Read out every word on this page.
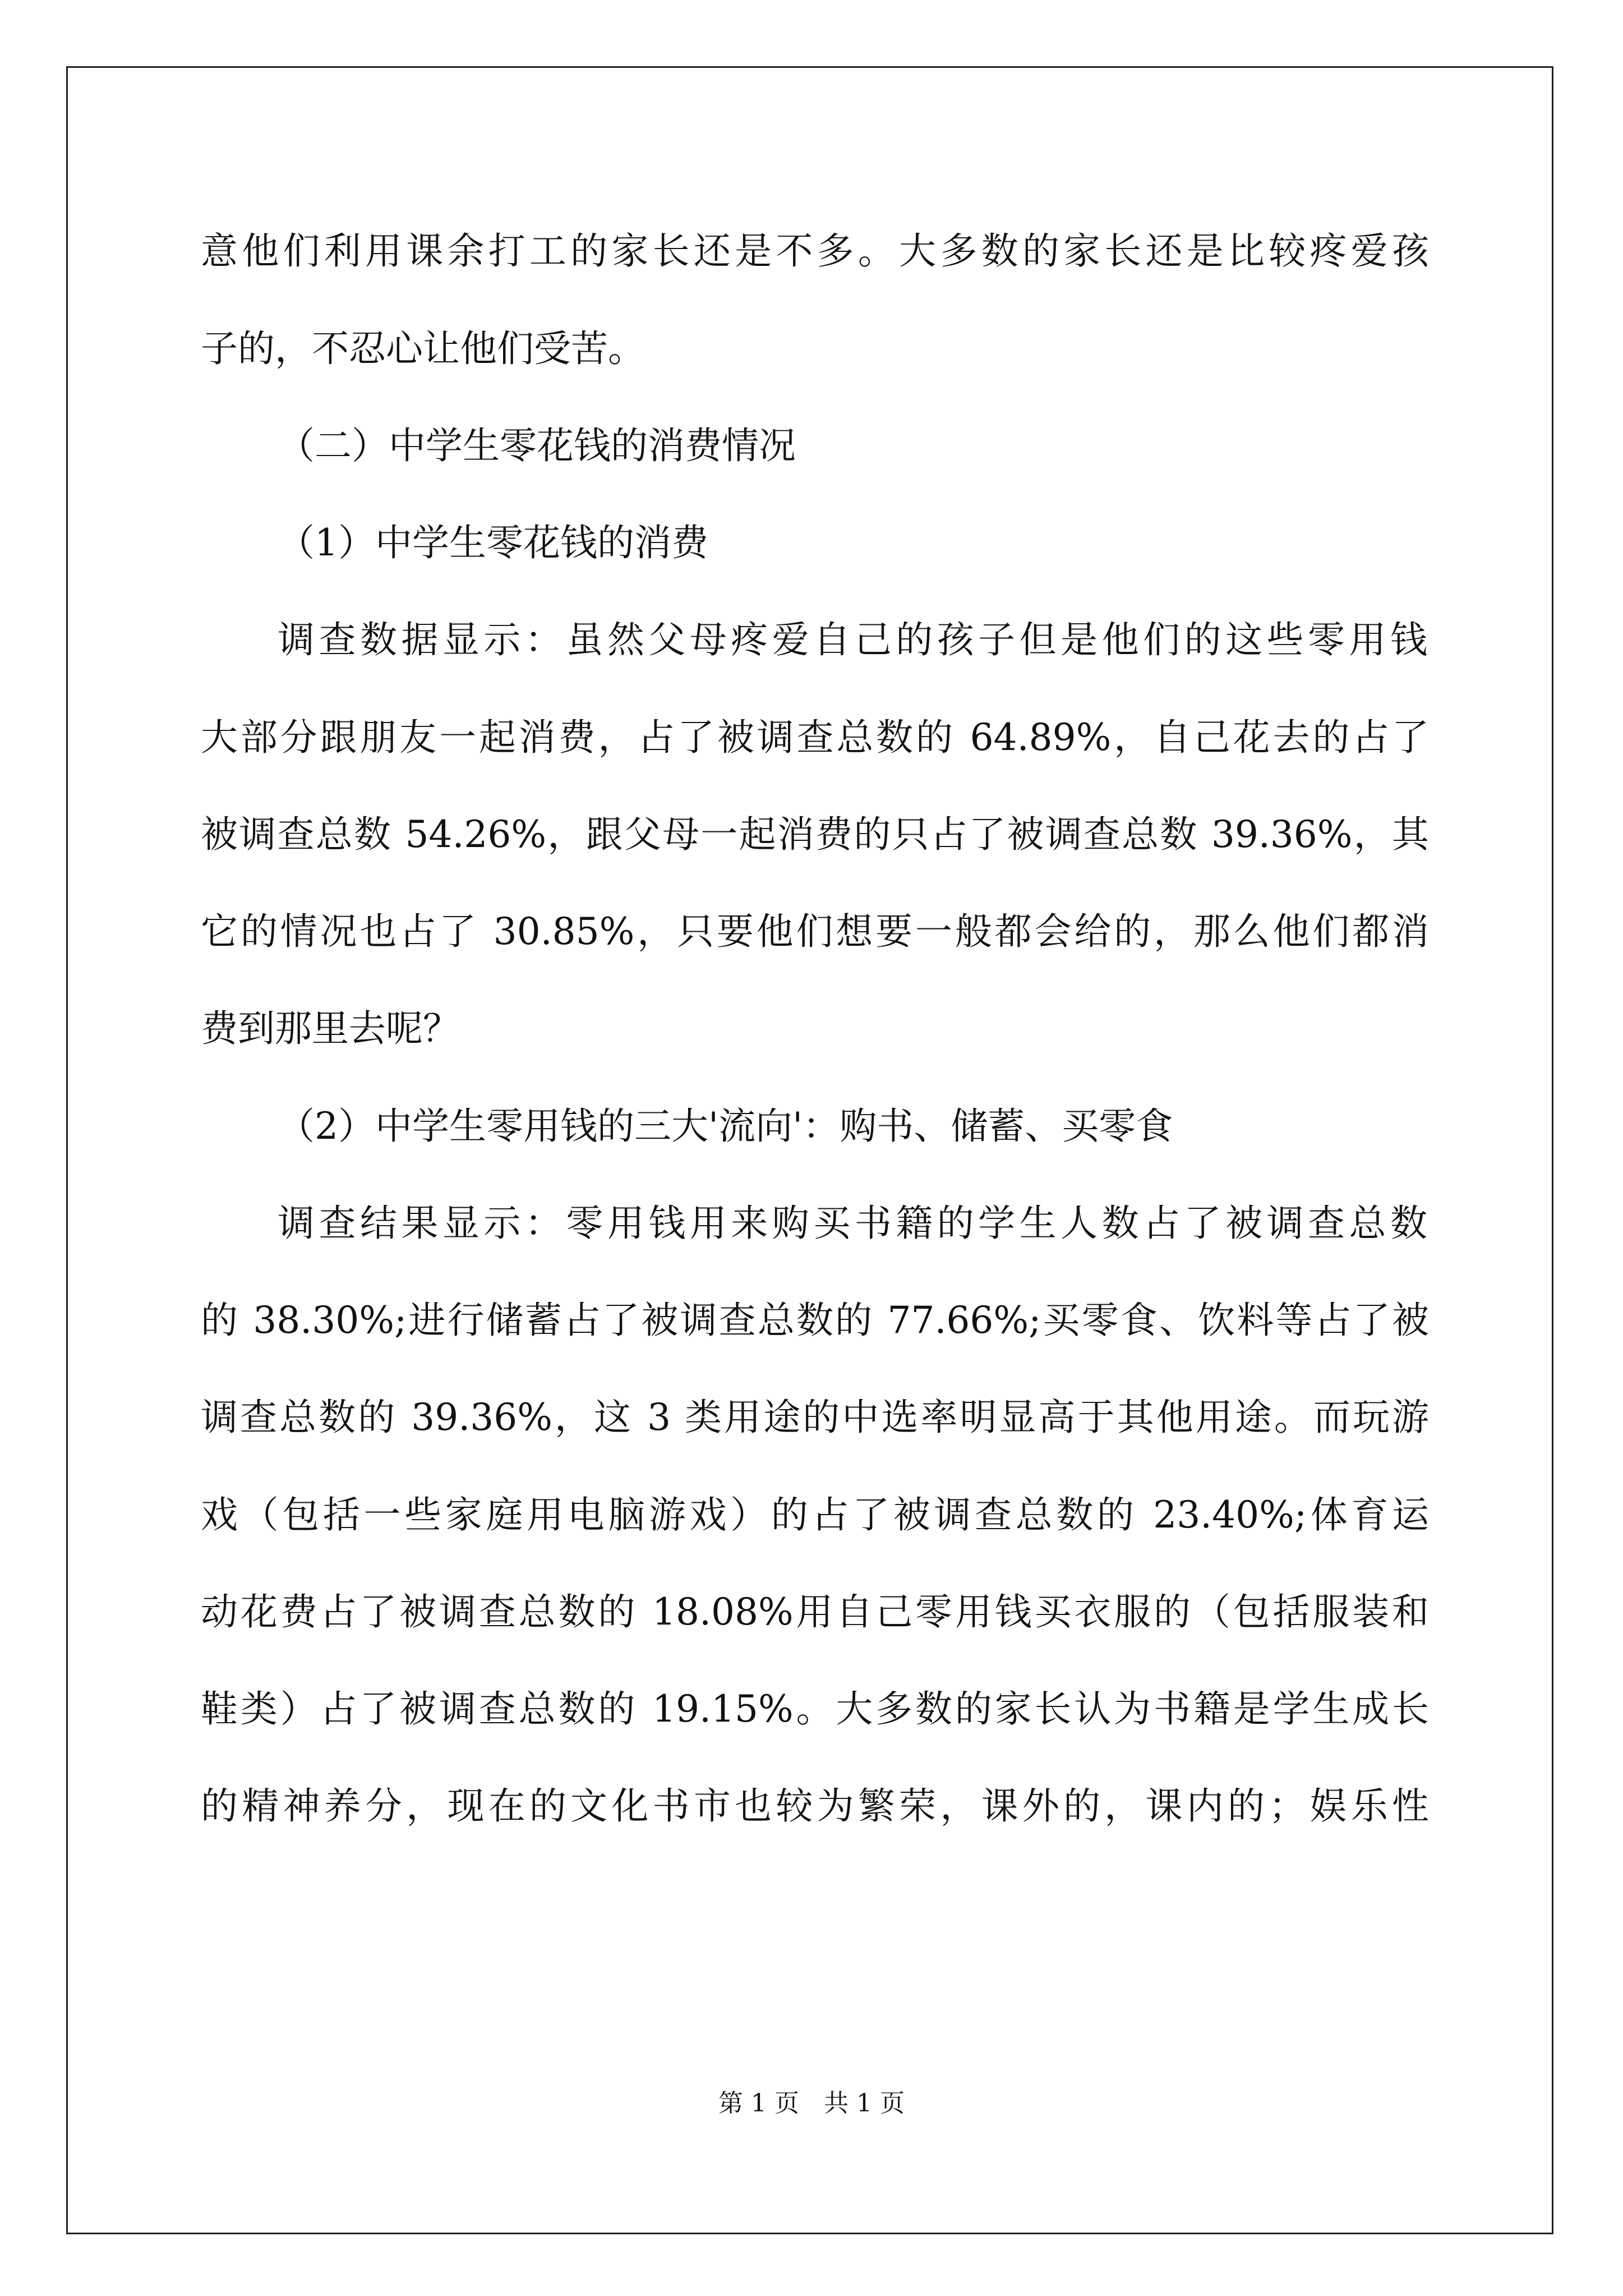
意他们利用课余打工的家长还是不多。大多数的家长还是比较疼爱孩
子的，不忍心让他们受苦。
（二）中学生零花钱的消费情况
（1）中学生零花钱的消费
调查数据显示：虽然父母疼爱自己的孩子但是他们的这些零用钱
大部分跟朋友一起消费，占了被调查总数的 64.89%，自己花去的占了
被调查总数 54.26%，跟父母一起消费的只占了被调查总数 39.36%，其
它的情况也占了 30.85%，只要他们想要一般都会给的，那么他们都消
费到那里去呢？
（2）中学生零用钱的三大'流向'：购书、储蓄、买零食
调查结果显示：零用钱用来购买书籍的学生人数占了被调查总数
的 38.30%;进行储蓄占了被调查总数的 77.66%;买零食、饮料等占了被
调查总数的 39.36%，这 3 类用途的中选率明显高于其他用途。而玩游
戏（包括一些家庭用电脑游戏）的占了被调查总数的 23.40%;体育运
动花费占了被调查总数的 18.08%用自己零用钱买衣服的（包括服装和
鞋类）占了被调查总数的 19.15%。大多数的家长认为书籍是学生成长
的精神养分，现在的文化书市也较为繁荣，课外的，课内的；娱乐性
第 1 页　共 1 页
